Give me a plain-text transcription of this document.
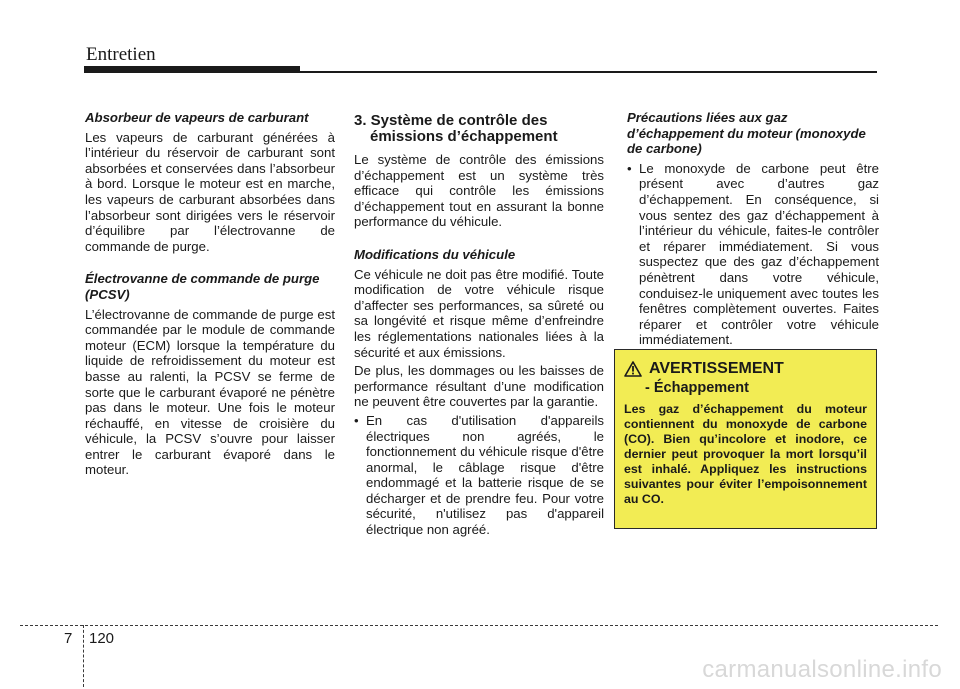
Entretien
Absorbeur de vapeurs de carburant

Les vapeurs de carburant générées à l’intérieur du réservoir de carburant sont absorbées et conservées dans l’absorbeur à bord. Lorsque le moteur est en marche, les vapeurs de carburant absorbées dans l’absorbeur sont dirigées vers le réservoir d’équilibre par l’électrovanne de commande de purge.

Électrovanne de commande de purge (PCSV)

L’électrovanne de commande de purge est commandée par le module de commande moteur (ECM) lorsque la température du liquide de refroidissement du moteur est basse au ralenti, la PCSV se ferme de sorte que le carburant évaporé ne pénètre pas dans le moteur. Une fois le moteur réchauffé, en vitesse de croisière du véhicule, la PCSV s’ouvre pour laisser entrer le carburant évaporé dans le moteur.

3. Système de contrôle des émissions d’échappement

Le système de contrôle des émissions d’échappement est un système très efficace qui contrôle les émissions d’échappement tout en assurant la bonne performance du véhicule.

Modifications du véhicule

Ce véhicule ne doit pas être modifié. Toute modification de votre véhicule risque d’affecter ses performances, sa sûreté ou sa longévité et risque même d’enfreindre les réglementations nationales liées à la sécurité et aux émissions.

De plus, les dommages ou les baisses de performance résultant d’une modification ne peuvent être couvertes par la garantie.

• En cas d'utilisation d'appareils électriques non agréés, le fonctionnement du véhicule risque d'être anormal, le câblage risque d'être endommagé et la batterie risque de se décharger et de prendre feu. Pour votre sécurité, n'utilisez pas d'appareil électrique non agréé.
Précautions liées aux gaz d’échappement du moteur (monoxyde de carbone)
• Le monoxyde de carbone peut être présent avec d’autres gaz d’échappement. En conséquence, si vous sentez des gaz d’échappement à l’intérieur du véhicule, faites-le contrôler et réparer immédiatement. Si vous suspectez que des gaz d’échappement pénètrent dans votre véhicule, conduisez-le uniquement avec toutes les fenêtres complètement ouvertes. Faites réparer et contrôler votre véhicule immédiatement.
AVERTISSEMENT
- Échappement
Les gaz d’échappement du moteur contiennent du monoxyde de carbone (CO). Bien qu’incolore et inodore, ce dernier peut provoquer la mort lorsqu’il est inhalé. Appliquez les instructions suivantes pour éviter l’empoisonnement au CO.
7 120
carmanualsonline.info
